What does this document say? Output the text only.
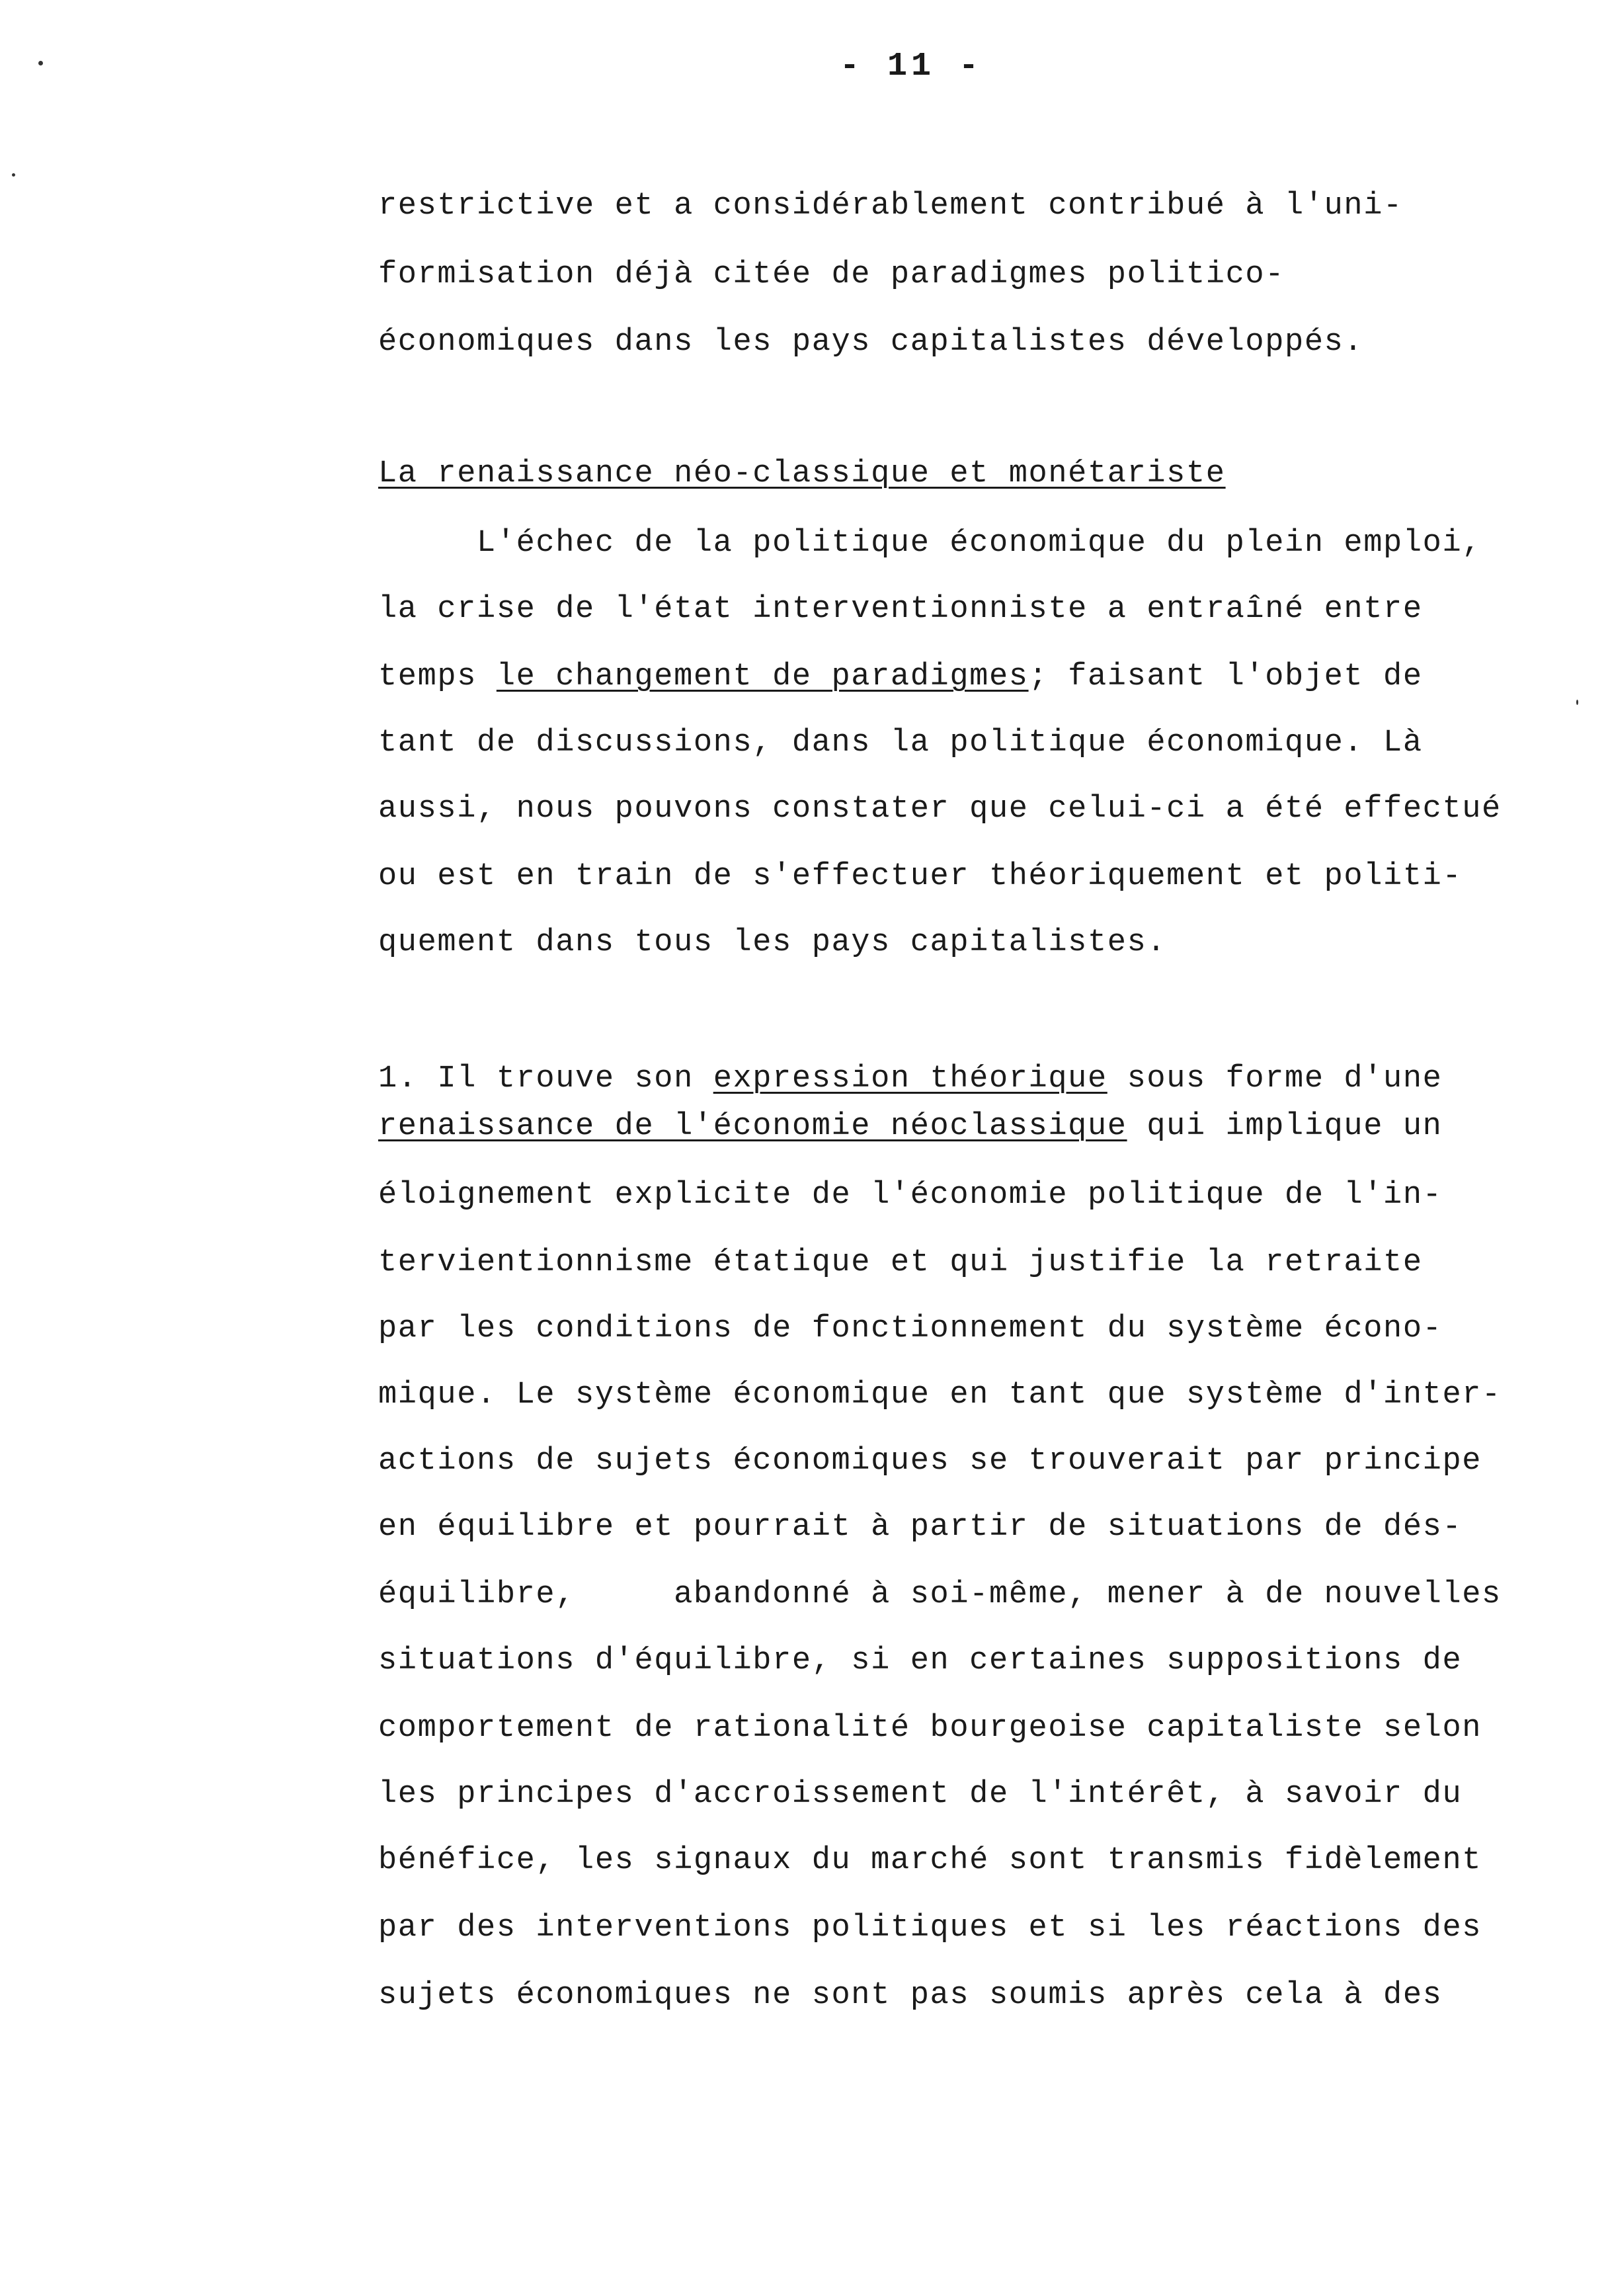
- 11 -
restrictive et a considérablement contribué à l'uni-
formisation déjà citée de paradigmes politico-
économiques dans les pays capitalistes développés.
La renaissance néo-classique et monétariste
L'échec de la politique économique du plein emploi,
la crise de l'état interventionniste a entraîné entre
temps le changement de paradigmes; faisant l'objet de
tant de discussions, dans la politique économique. Là
aussi, nous pouvons constater que celui-ci a été effectué
ou est en train de s'effectuer théoriquement et politi-
quement dans tous les pays capitalistes.
1. Il trouve son expression théorique sous forme d'une
renaissance de l'économie néoclassique qui implique un
éloignement explicite de l'économie politique de l'in-
tervientionnisme étatique et qui justifie la retraite
par les conditions de fonctionnement du système écono-
mique. Le système économique en tant que système d'inter-
actions de sujets économiques se trouverait par principe
en équilibre et pourrait à partir de situations de dés-
équilibre,     abandonné à soi-même, mener à de nouvelles
situations d'équilibre, si en certaines suppositions de
comportement de rationalité bourgeoise capitaliste selon
les principes d'accroissement de l'intérêt, à savoir du
bénéfice, les signaux du marché sont transmis fidèlement
par des interventions politiques et si les réactions des
sujets économiques ne sont pas soumis après cela à des
